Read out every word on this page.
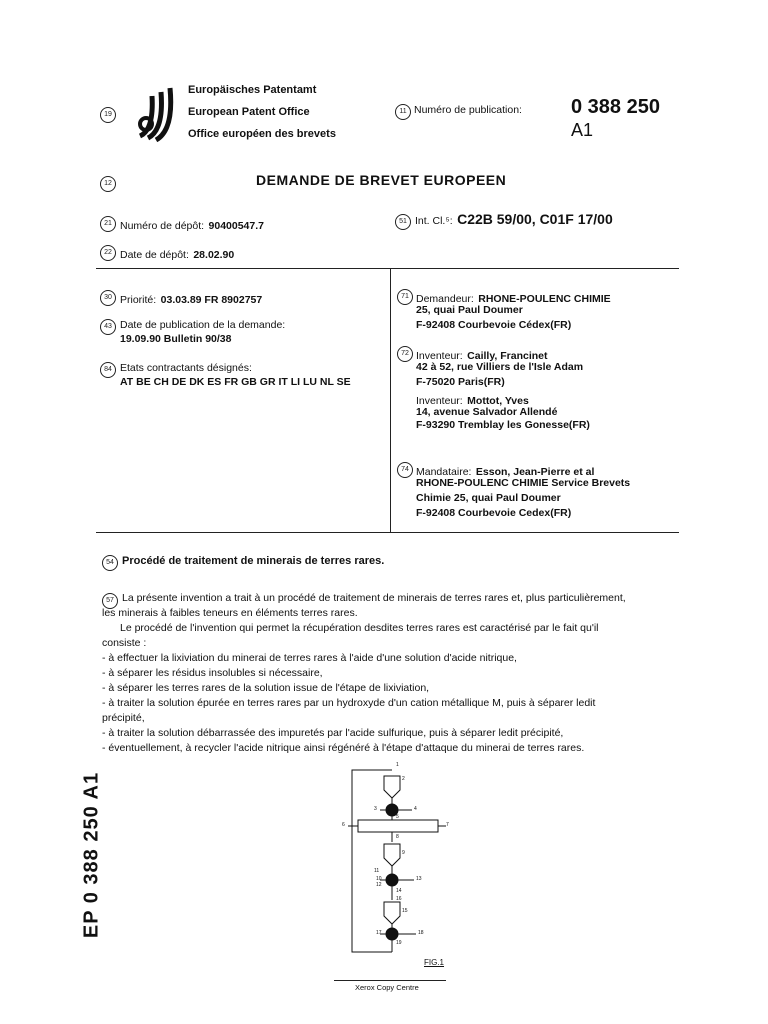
19
Europäisches Patentamt
European Patent Office
Office européen des brevets
11 Numéro de publication: 0 388 250
A1
12	DEMANDE DE BREVET EUROPEEN
21 Numéro de dépôt: 90400547.7
22 Date de dépôt: 28.02.90
51 Int. Cl.⁵: C22B 59/00, C01F 17/00
30 Priorité: 03.03.89 FR 8902757
43 Date de publication de la demande:
19.09.90 Bulletin 90/38
84 Etats contractants désignés:
AT BE CH DE DK ES FR GB GR IT LI LU NL SE
71 Demandeur: RHONE-POULENC CHIMIE
25, quai Paul Doumer
F-92408 Courbevoie Cédex(FR)
72 Inventeur: Cailly, Francinet
42 à 52, rue Villiers de l'Isle Adam
F-75020 Paris(FR)
Inventeur: Mottot, Yves
14, avenue Salvador Allendé
F-93290 Tremblay les Gonesse(FR)
74 Mandataire: Esson, Jean-Pierre et al
RHONE-POULENC CHIMIE Service Brevets
Chimie 25, quai Paul Doumer
F-92408 Courbevoie Cedex(FR)
54 Procédé de traitement de minerais de terres rares.
57 La présente invention a trait à un procédé de traitement de minerais de terres rares et, plus particulièrement,

les minerais à faibles teneurs en éléments terres rares.

Le procédé de l'invention qui permet la récupération desdites terres rares est caractérisé par le fait qu'il

consiste :

- à effectuer la lixiviation du minerai de terres rares à l'aide d'une solution d'acide nitrique,

- à séparer les résidus insolubles si nécessaire,

- à séparer les terres rares de la solution issue de l'étape de lixiviation,

- à traiter la solution épurée en terres rares par un hydroxyde d'un cation métallique M, puis à séparer ledit

précipité,

- à traiter la solution débarrassée des impuretés par l'acide sulfurique, puis à séparer ledit précipité,

- éventuellement, à recycler l'acide nitrique ainsi régénéré à l'étape d'attaque du minerai de terres rares.

EP 0 388 250 A1
1
2
3	4
5
6	7
8
9
10
11
12
13
14
15
16
17	18
19
FIG.1
Xerox Copy Centre
